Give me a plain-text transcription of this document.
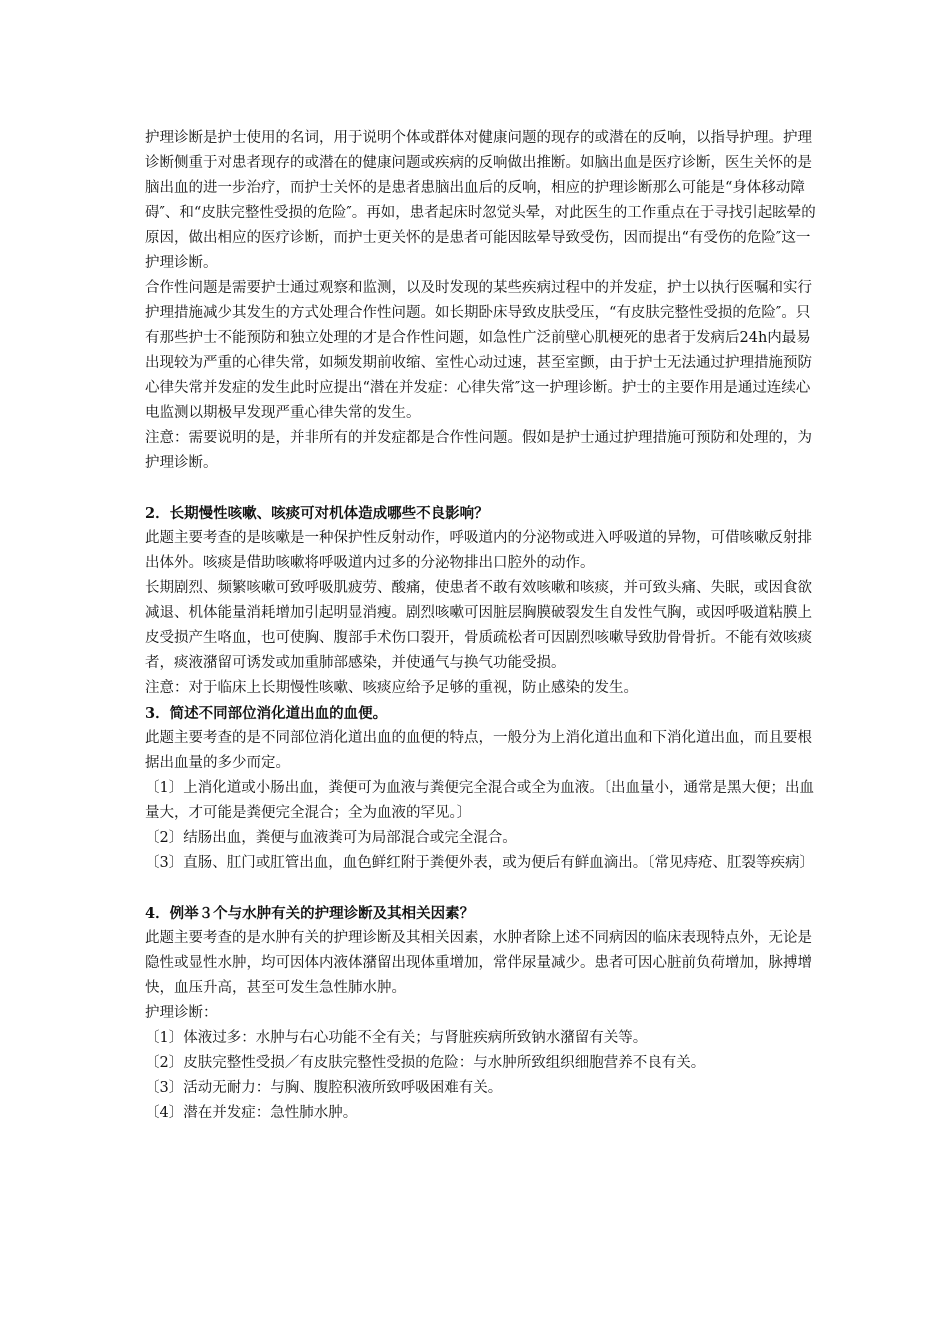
护理诊断是护士使用的名词，用于说明个体或群体对健康问题的现存的或潜在的反响，以指导护理。护理诊断侧重于对患者现存的或潜在的健康问题或疾病的反响做出推断。如脑出血是医疗诊断，医生关怀的是脑出血的进一步治疗，而护士关怀的是患者患脑出血后的反响，相应的护理诊断那么可能是“身体移动障碍″、和“皮肤完整性受损的危险″。再如，患者起床时忽觉头晕，对此医生的工作重点在于寻找引起眩晕的原因，做出相应的医疗诊断，而护士更关怀的是患者可能因眩晕导致受伤，因而提出“有受伤的危险″这一护理诊断。

合作性问题是需要护士通过观察和监测，以及时发现的某些疾病过程中的并发症，护士以执行医嘱和实行护理措施减少其发生的方式处理合作性问题。如长期卧床导致皮肤受压，“有皮肤完整性受损的危险″。只有那些护士不能预防和独立处理的才是合作性问题，如急性广泛前壁心肌梗死的患者于发病后24h内最易出现较为严重的心律失常，如频发期前收缩、室性心动过速，甚至室颤，由于护士无法通过护理措施预防心律失常并发症的发生此时应提出“潜在并发症：心律失常″这一护理诊断。护士的主要作用是通过连续心电监测以期极早发现严重心律失常的发生。

注意：需要说明的是，并非所有的并发症都是合作性问题。假如是护士通过护理措施可预防和处理的，为护理诊断。

2．长期慢性咳嗽、咳痰可对机体造成哪些不良影响？

此题主要考查的是咳嗽是一种保护性反射动作，呼吸道内的分泌物或进入呼吸道的异物，可借咳嗽反射排出体外。咳痰是借助咳嗽将呼吸道内过多的分泌物排出口腔外的动作。

长期剧烈、频繁咳嗽可致呼吸肌疲劳、酸痛，使患者不敢有效咳嗽和咳痰，并可致头痛、失眠，或因食欲减退、机体能量消耗增加引起明显消瘦。剧烈咳嗽可因脏层胸膜破裂发生自发性气胸，或因呼吸道粘膜上皮受损产生咯血，也可使胸、腹部手术伤口裂开，骨质疏松者可因剧烈咳嗽导致肋骨骨折。不能有效咳痰者，痰液潴留可诱发或加重肺部感染，并使通气与换气功能受损。

注意：对于临床上长期慢性咳嗽、咳痰应给予足够的重视，防止感染的发生。

3．简述不同部位消化道出血的血便。

此题主要考查的是不同部位消化道出血的血便的特点，一般分为上消化道出血和下消化道出血，而且要根据出血量的多少而定。

〔1〕上消化道或小肠出血，粪便可为血液与粪便完全混合或全为血液。〔出血量小，通常是黑大便；出血量大，才可能是粪便完全混合；全为血液的罕见。〕

〔2〕结肠出血，粪便与血液粪可为局部混合或完全混合。

〔3〕直肠、肛门或肛管出血，血色鲜红附于粪便外表，或为便后有鲜血滴出。〔常见痔疮、肛裂等疾病〕

4．例举３个与水肿有关的护理诊断及其相关因素？

此题主要考查的是水肿有关的护理诊断及其相关因素，水肿者除上述不同病因的临床表现特点外，无论是隐性或显性水肿，均可因体内液体潴留出现体重增加，常伴尿量减少。患者可因心脏前负荷增加，脉搏增快，血压升高，甚至可发生急性肺水肿。

护理诊断：

〔1〕体液过多：水肿与右心功能不全有关；与肾脏疾病所致钠水潴留有关等。

〔2〕皮肤完整性受损／有皮肤完整性受损的危险：与水肿所致组织细胞营养不良有关。

〔3〕活动无耐力：与胸、腹腔积液所致呼吸困难有关。

〔4〕潜在并发症：急性肺水肿。
